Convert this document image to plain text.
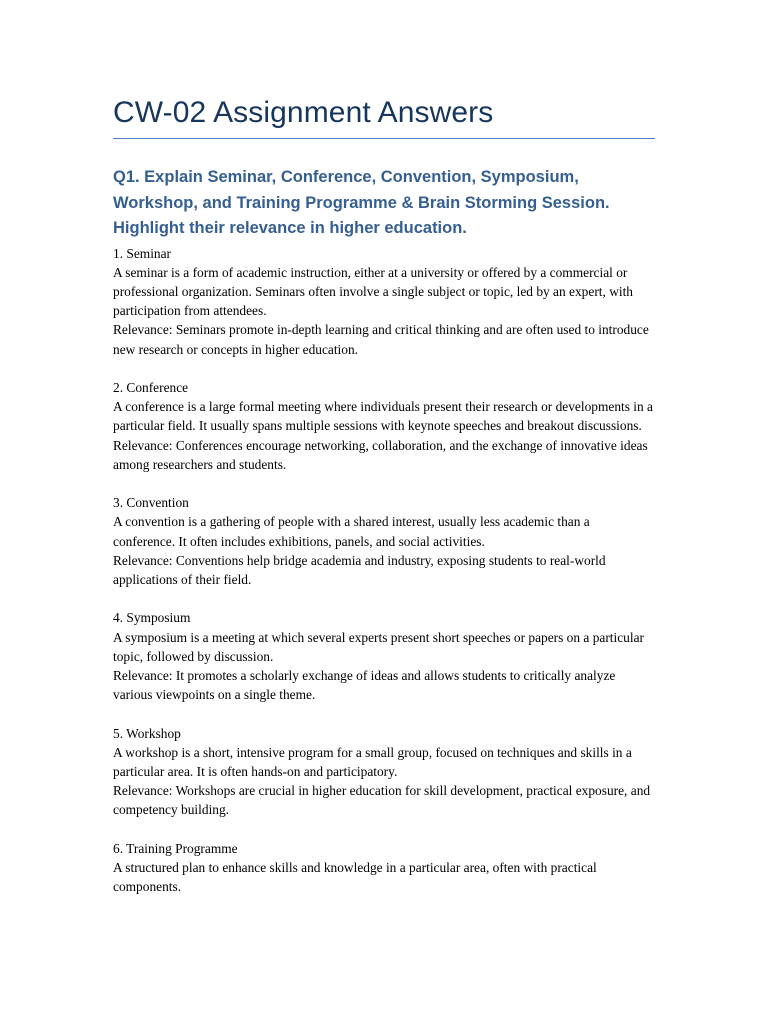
CW-02 Assignment Answers
Q1. Explain Seminar, Conference, Convention, Symposium, Workshop, and Training Programme & Brain Storming Session. Highlight their relevance in higher education.

1. Seminar

A seminar is a form of academic instruction, either at a university or offered by a commercial or professional organization. Seminars often involve a single subject or topic, led by an expert, with participation from attendees.

Relevance: Seminars promote in-depth learning and critical thinking and are often used to introduce new research or concepts in higher education.

2. Conference

A conference is a large formal meeting where individuals present their research or developments in a particular field. It usually spans multiple sessions with keynote speeches and breakout discussions.

Relevance: Conferences encourage networking, collaboration, and the exchange of innovative ideas among researchers and students.

3. Convention

A convention is a gathering of people with a shared interest, usually less academic than a conference. It often includes exhibitions, panels, and social activities.

Relevance: Conventions help bridge academia and industry, exposing students to real-world applications of their field.

4. Symposium

A symposium is a meeting at which several experts present short speeches or papers on a particular topic, followed by discussion.

Relevance: It promotes a scholarly exchange of ideas and allows students to critically analyze various viewpoints on a single theme.

5. Workshop

A workshop is a short, intensive program for a small group, focused on techniques and skills in a particular area. It is often hands-on and participatory.

Relevance: Workshops are crucial in higher education for skill development, practical exposure, and competency building.

6. Training Programme

A structured plan to enhance skills and knowledge in a particular area, often with practical components.
